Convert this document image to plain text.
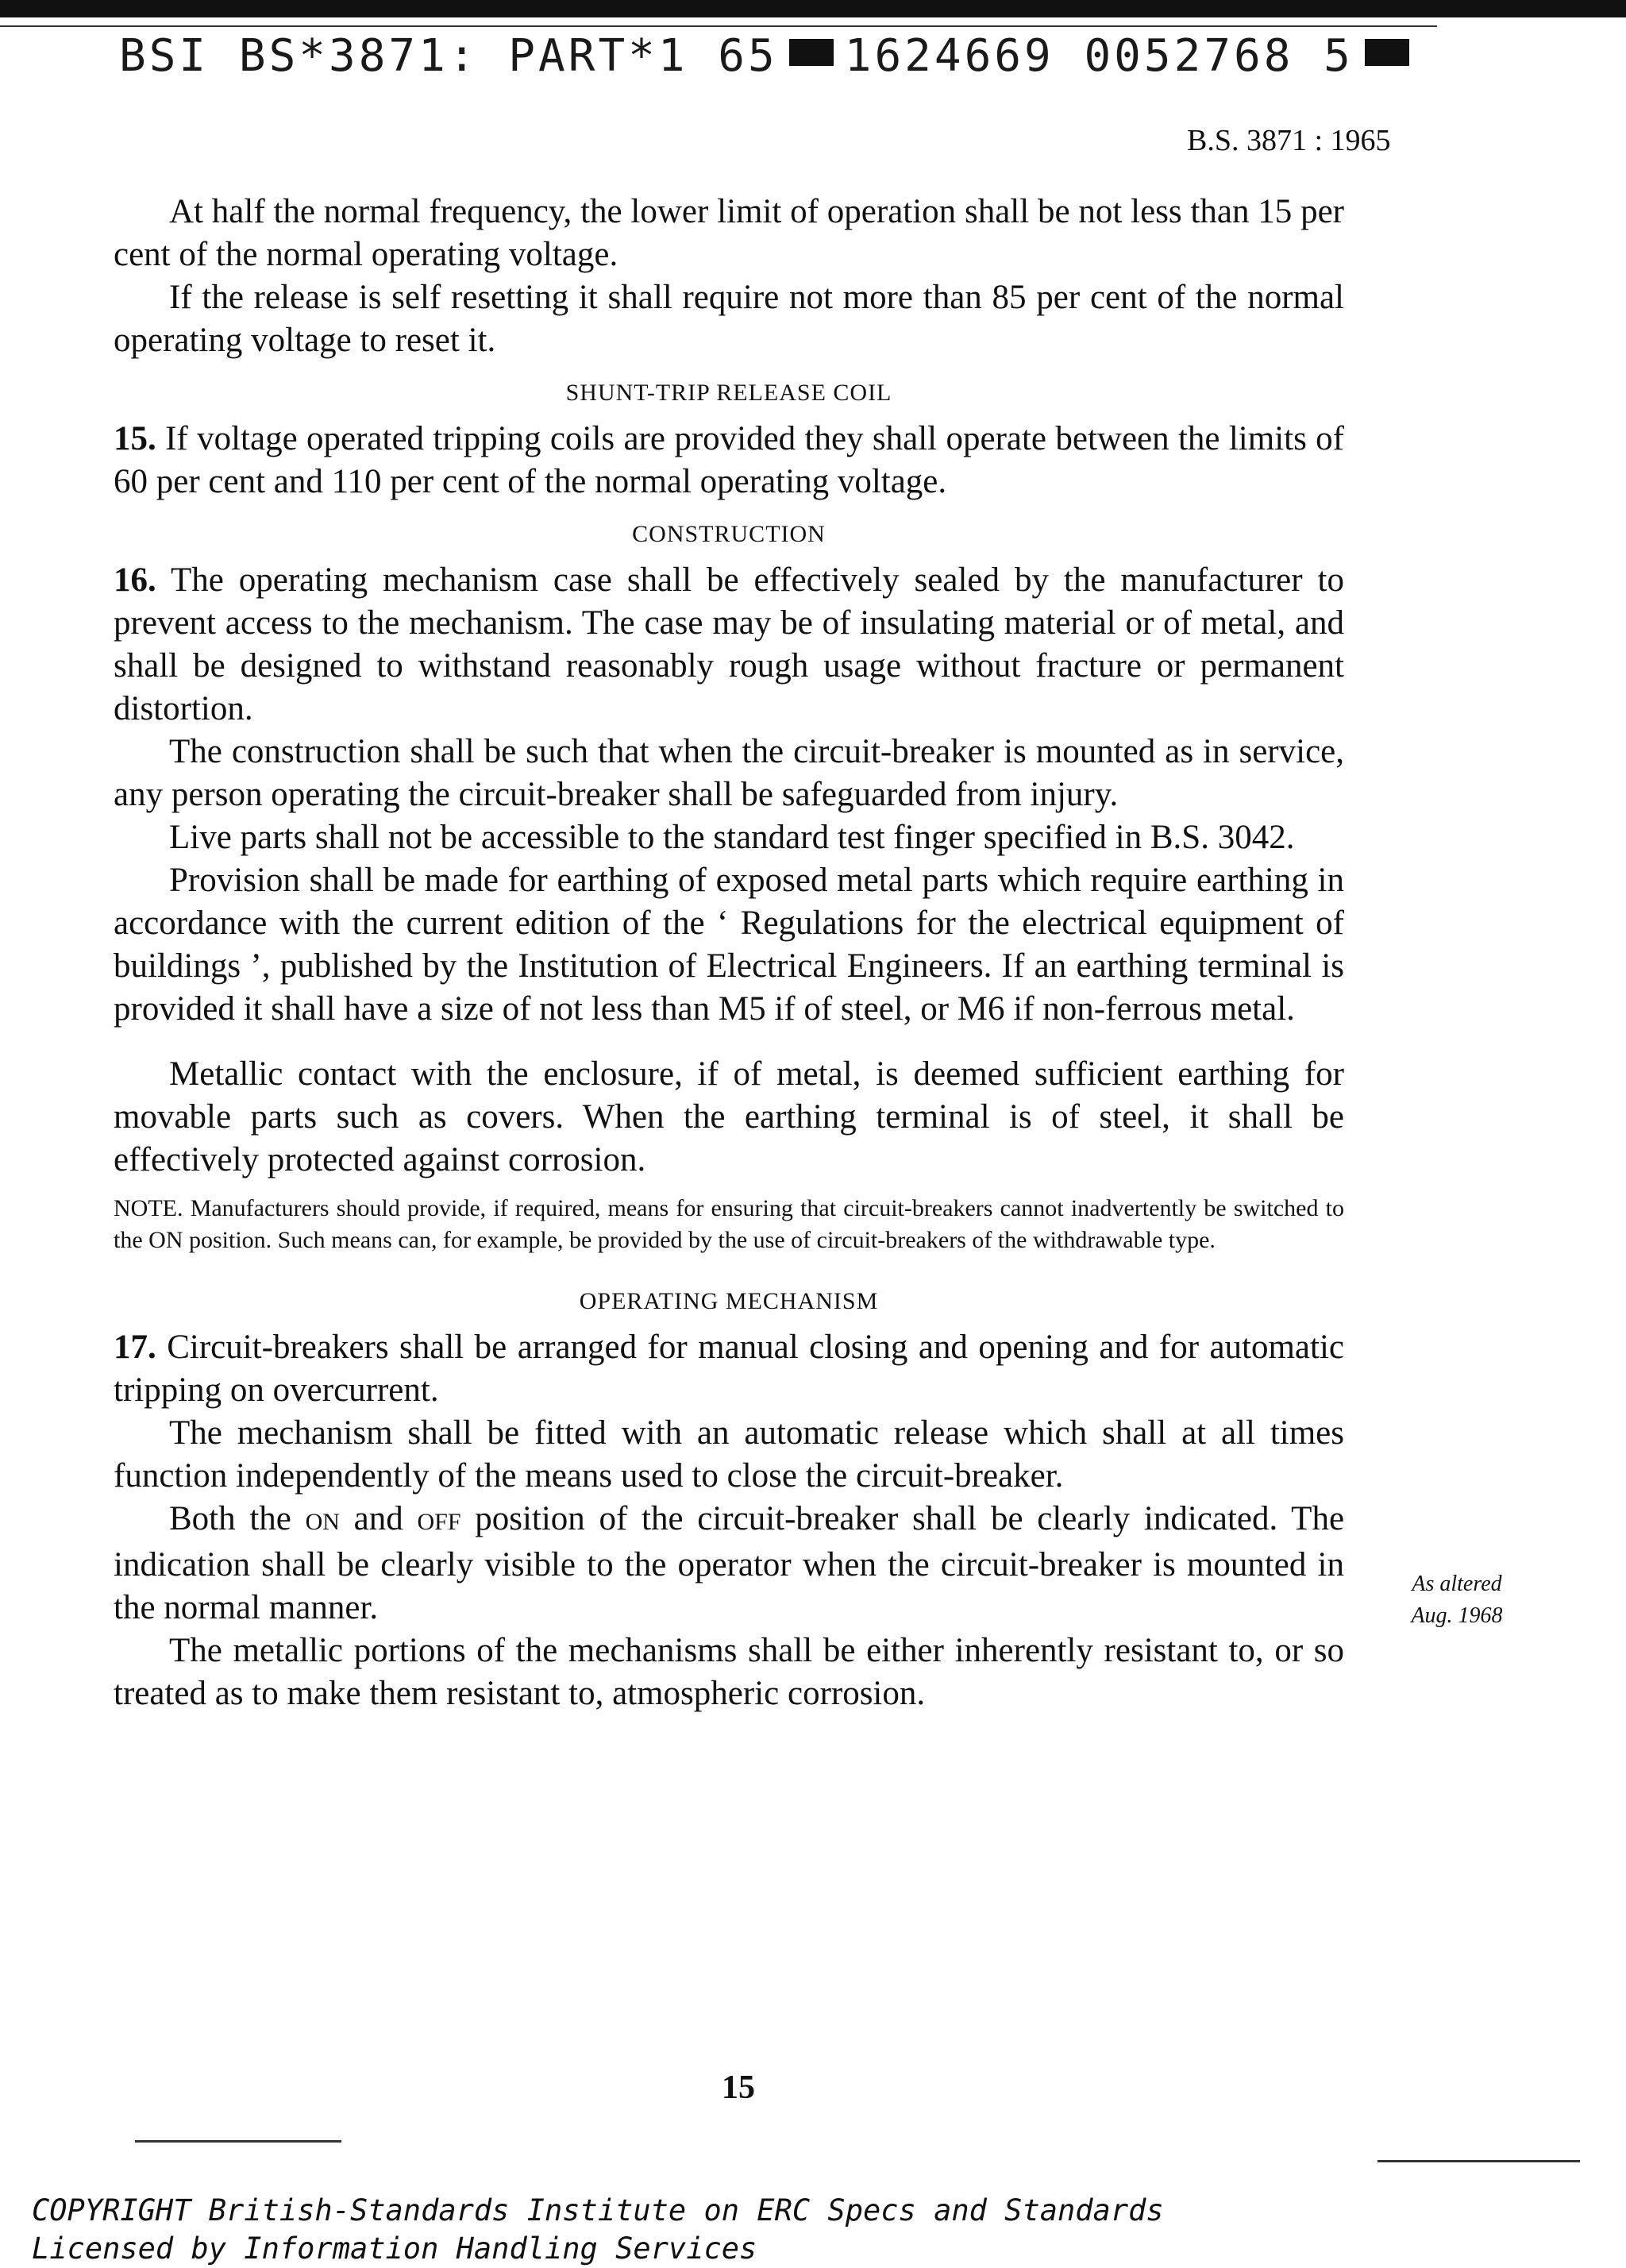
BSI BS*3871: PART*1 65 1624669 0052768 5
B.S. 3871 : 1965

At half the normal frequency, the lower limit of operation shall be not less than 15 per cent of the normal operating voltage.

If the release is self resetting it shall require not more than 85 per cent of the normal operating voltage to reset it.

SHUNT-TRIP RELEASE COIL

15. If voltage operated tripping coils are provided they shall operate between the limits of 60 per cent and 110 per cent of the normal operating voltage.

CONSTRUCTION

16. The operating mechanism case shall be effectively sealed by the manufacturer to prevent access to the mechanism. The case may be of insulating material or of metal, and shall be designed to withstand reasonably rough usage without fracture or permanent distortion.

The construction shall be such that when the circuit-breaker is mounted as in service, any person operating the circuit-breaker shall be safeguarded from injury.

Live parts shall not be accessible to the standard test finger specified in B.S. 3042.

Provision shall be made for earthing of exposed metal parts which require earthing in accordance with the current edition of the ‘ Regulations for the electrical equipment of buildings ’, published by the Institution of Electrical Engineers. If an earthing terminal is provided it shall have a size of not less than M5 if of steel, or M6 if non-ferrous metal.

Metallic contact with the enclosure, if of metal, is deemed sufficient earthing for movable parts such as covers. When the earthing terminal is of steel, it shall be effectively protected against corrosion.

NOTE. Manufacturers should provide, if required, means for ensuring that circuit-breakers cannot inadvertently be switched to the ON position. Such means can, for example, be provided by the use of circuit-breakers of the withdrawable type.
OPERATING MECHANISM

17. Circuit-breakers shall be arranged for manual closing and opening and for automatic tripping on overcurrent.

The mechanism shall be fitted with an automatic release which shall at all times function independently of the means used to close the circuit-breaker.

Both the ON and OFF position of the circuit-breaker shall be clearly indicated. The indication shall be clearly visible to the operator when the circuit-breaker is mounted in the normal manner.

The metallic portions of the mechanisms shall be either inherently resistant to, or so treated as to make them resistant to, atmospheric corrosion.

As altered
Aug. 1968
15
COPYRIGHT British-Standards Institute on ERC Specs and Standards
Licensed by Information Handling Services
